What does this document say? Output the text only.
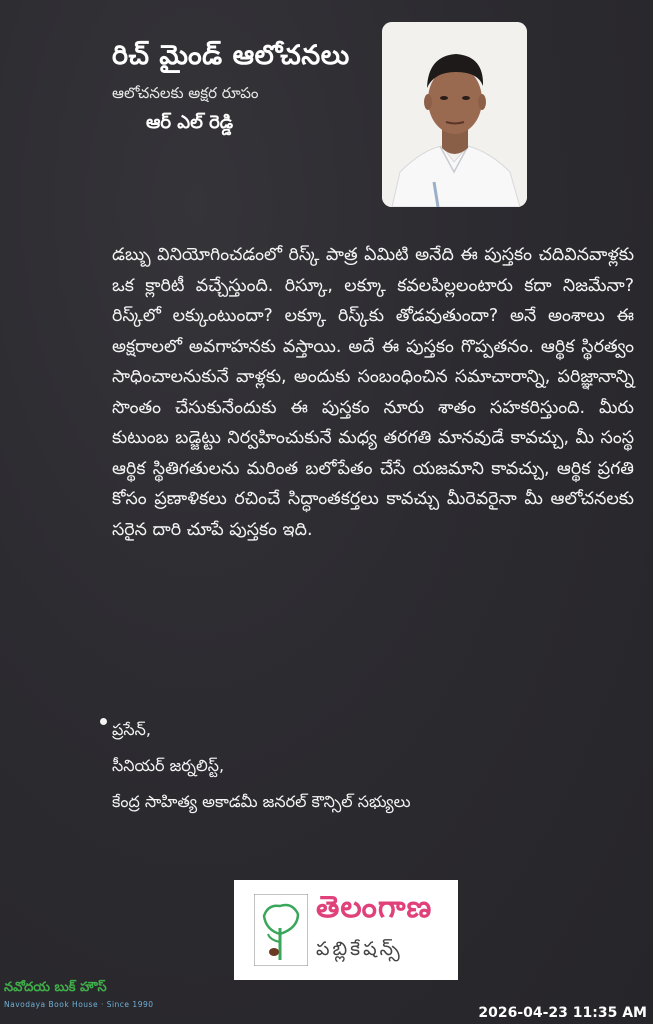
రిచ్ మైండ్ ఆలోచనలు
ఆలోచనలకు అక్షర రూపం
ఆర్ ఎల్ రెడ్డి

డబ్బు వినియోగించడంలో రిస్క్ పాత్ర ఏమిటి అనేది ఈ పుస్తకం చదివినవాళ్లకు ఒక క్లారిటీ వచ్చేస్తుంది. రిస్కూ, లక్కూ కవలపిల్లలంటారు కదా నిజమేనా? రిస్క్‌లో లక్కుంటుందా? లక్కూ రిస్క్‌కు తోడవుతుందా? అనే అంశాలు ఈ అక్షరాలలో అవగాహనకు వస్తాయి. అదే ఈ పుస్తకం గొప్పతనం. ఆర్థిక స్థిరత్వం సాధించాలనుకునే వాళ్లకు, అందుకు సంబంధించిన సమాచారాన్ని, పరిజ్ఞానాన్ని సొంతం చేసుకునేందుకు ఈ పుస్తకం నూరు శాతం సహకరిస్తుంది. మీరు కుటుంబ బడ్జెట్టు నిర్వహించుకునే మధ్య తరగతి మానవుడే కావచ్చు, మీ సంస్థ ఆర్థిక స్థితిగతులను మరింత బలోపేతం చేసే యజమాని కావచ్చు, ఆర్థిక ప్రగతి కోసం ప్రణాళికలు రచించే సిద్ధాంతకర్తలు కావచ్చు మీరెవరైనా మీ ఆలోచనలకు సరైన దారి చూపే పుస్తకం ఇది.

ప్రసేన్,
సీనియర్ జర్నలిస్ట్,
కేంద్ర సాహిత్య అకాడమీ జనరల్ కౌన్సిల్ సభ్యులు
తెలంగాణ
పబ్లికేషన్స్
నవోదయ బుక్ హౌస్
Navodaya Book House · Since 1990
2026-04-23 11:35 AM
